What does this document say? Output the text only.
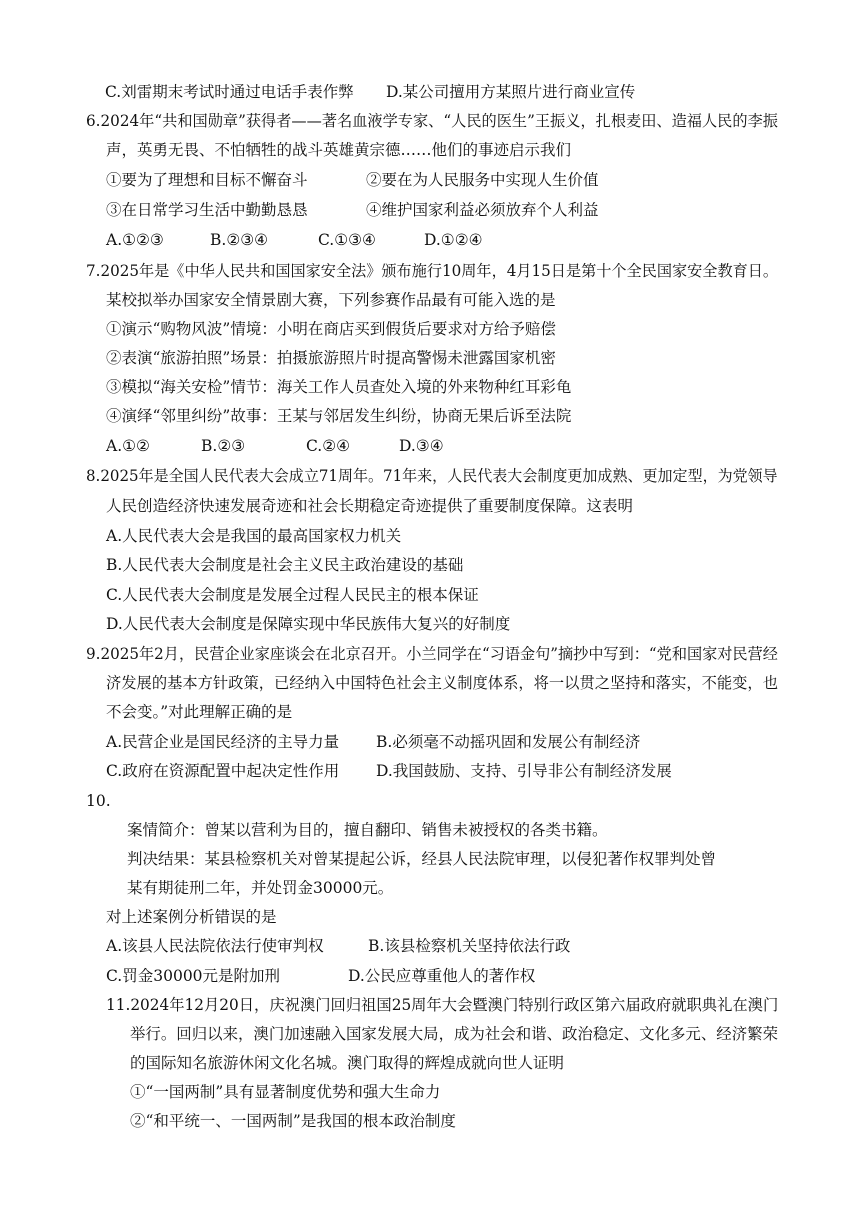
C.刘雷期末考试时通过电话手表作弊 D.某公司擅用方某照片进行商业宣传
6.2024年“共和国勋章”获得者——著名血液学专家、“人民的医生”王振义，扎根麦田、造福人民的李振
声，英勇无畏、不怕牺牲的战斗英雄黄宗德……他们的事迹启示我们
①要为了理想和目标不懈奋斗	②要在为人民服务中实现人生价值
③在日常学习生活中勤勤恳恳	④维护国家利益必须放弃个人利益
A.①②③	B.②③④	C.①③④	D.①②④
7.2025年是《中华人民共和国国家安全法》颁布施行10周年，4月15日是第十个全民国家安全教育日。
某校拟举办国家安全情景剧大赛，下列参赛作品最有可能入选的是
①演示“购物风波”情境：小明在商店买到假货后要求对方给予赔偿
②表演“旅游拍照”场景：拍摄旅游照片时提高警惕未泄露国家机密
③模拟“海关安检”情节：海关工作人员查处入境的外来物种红耳彩龟
④演绎“邻里纠纷”故事：王某与邻居发生纠纷，协商无果后诉至法院
A.①②	B.②③	C.②④	D.③④
8.2025年是全国人民代表大会成立71周年。71年来，人民代表大会制度更加成熟、更加定型，为党领导
人民创造经济快速发展奇迹和社会长期稳定奇迹提供了重要制度保障。这表明
A.人民代表大会是我国的最高国家权力机关
B.人民代表大会制度是社会主义民主政治建设的基础
C.人民代表大会制度是发展全过程人民民主的根本保证
D.人民代表大会制度是保障实现中华民族伟大复兴的好制度
9.2025年2月，民营企业家座谈会在北京召开。小兰同学在“习语金句”摘抄中写到：“党和国家对民营经
济发展的基本方针政策，已经纳入中国特色社会主义制度体系，将一以贯之坚持和落实，不能变，也
不会变。”对此理解正确的是
A.民营企业是国民经济的主导力量 B.必须毫不动摇巩固和发展公有制经济
C.政府在资源配置中起决定性作用 D.我国鼓励、支持、引导非公有制经济发展
10.
案情简介：曾某以营利为目的，擅自翻印、销售未被授权的各类书籍。
判决结果：某县检察机关对曾某提起公诉，经县人民法院审理，以侵犯著作权罪判处曾
某有期徒刑二年，并处罚金30000元。
对上述案例分析错误的是
A.该县人民法院依法行使审判权	B.该县检察机关坚持依法行政
C.罚金30000元是附加刑	D.公民应尊重他人的著作权
11.2024年12月20日，庆祝澳门回归祖国25周年大会暨澳门特别行政区第六届政府就职典礼在澳门
举行。回归以来，澳门加速融入国家发展大局，成为社会和谐、政治稳定、文化多元、经济繁荣
的国际知名旅游休闲文化名城。澳门取得的辉煌成就向世人证明
①“一国两制”具有显著制度优势和强大生命力
②“和平统一、一国两制”是我国的根本政治制度
